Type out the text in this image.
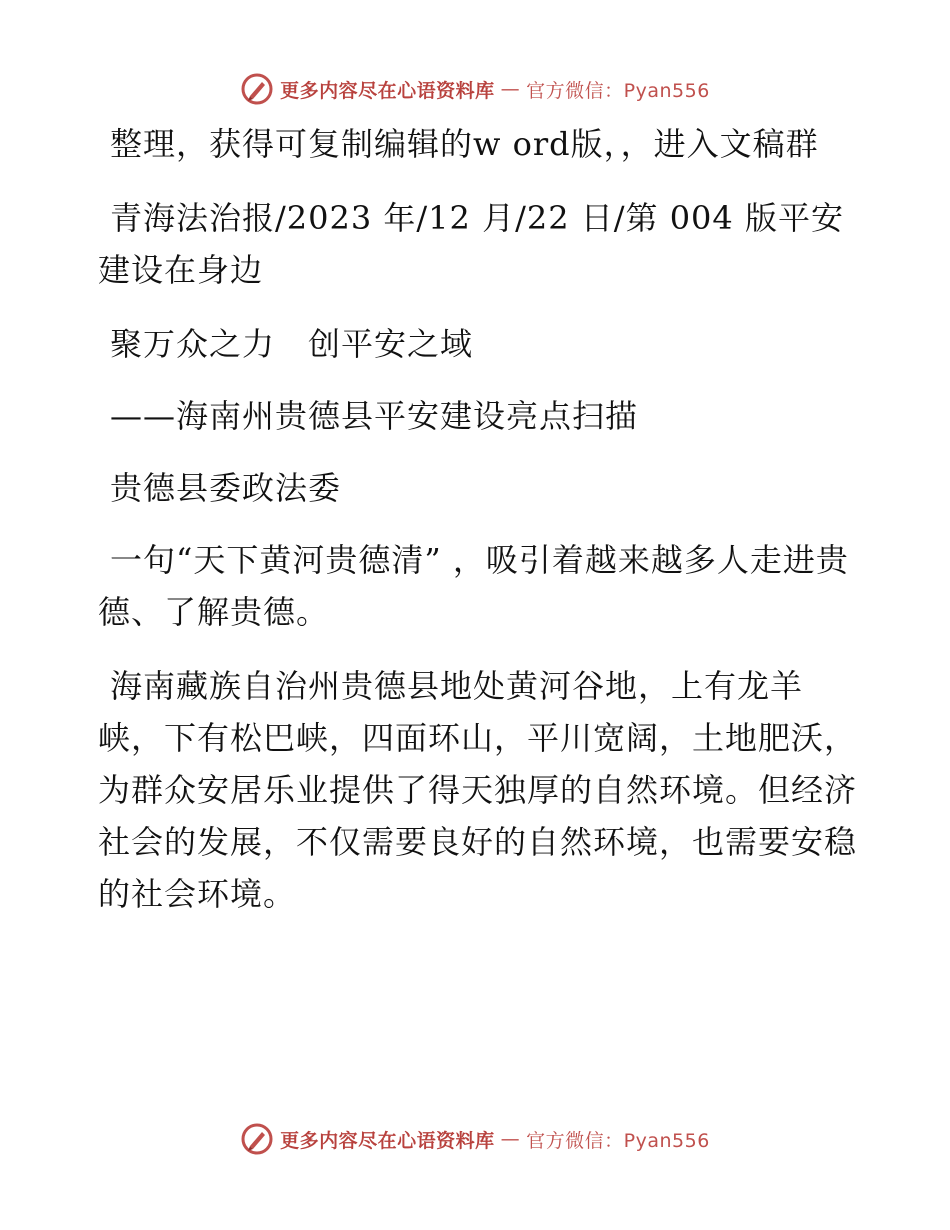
更多内容尽在心语资料库 — 官方微信：Pyan556

整理，获得可复制编辑的w ord版，，进入文稿群

青海法治报/2023 年/12 月/22 日/第 004 版平安建设在身边

聚万众之力　创平安之域

——海南州贵德县平安建设亮点扫描

贵德县委政法委

一句“天下黄河贵德清” ，吸引着越来越多人走进贵德、了解贵德。

海南藏族自治州贵德县地处黄河谷地，上有龙羊峡，下有松巴峡，四面环山，平川宽阔，土地肥沃，为群众安居乐业提供了得天独厚的自然环境。但经济社会的发展，不仅需要良好的自然环境，也需要安稳的社会环境。

更多内容尽在心语资料库 — 官方微信：Pyan556
